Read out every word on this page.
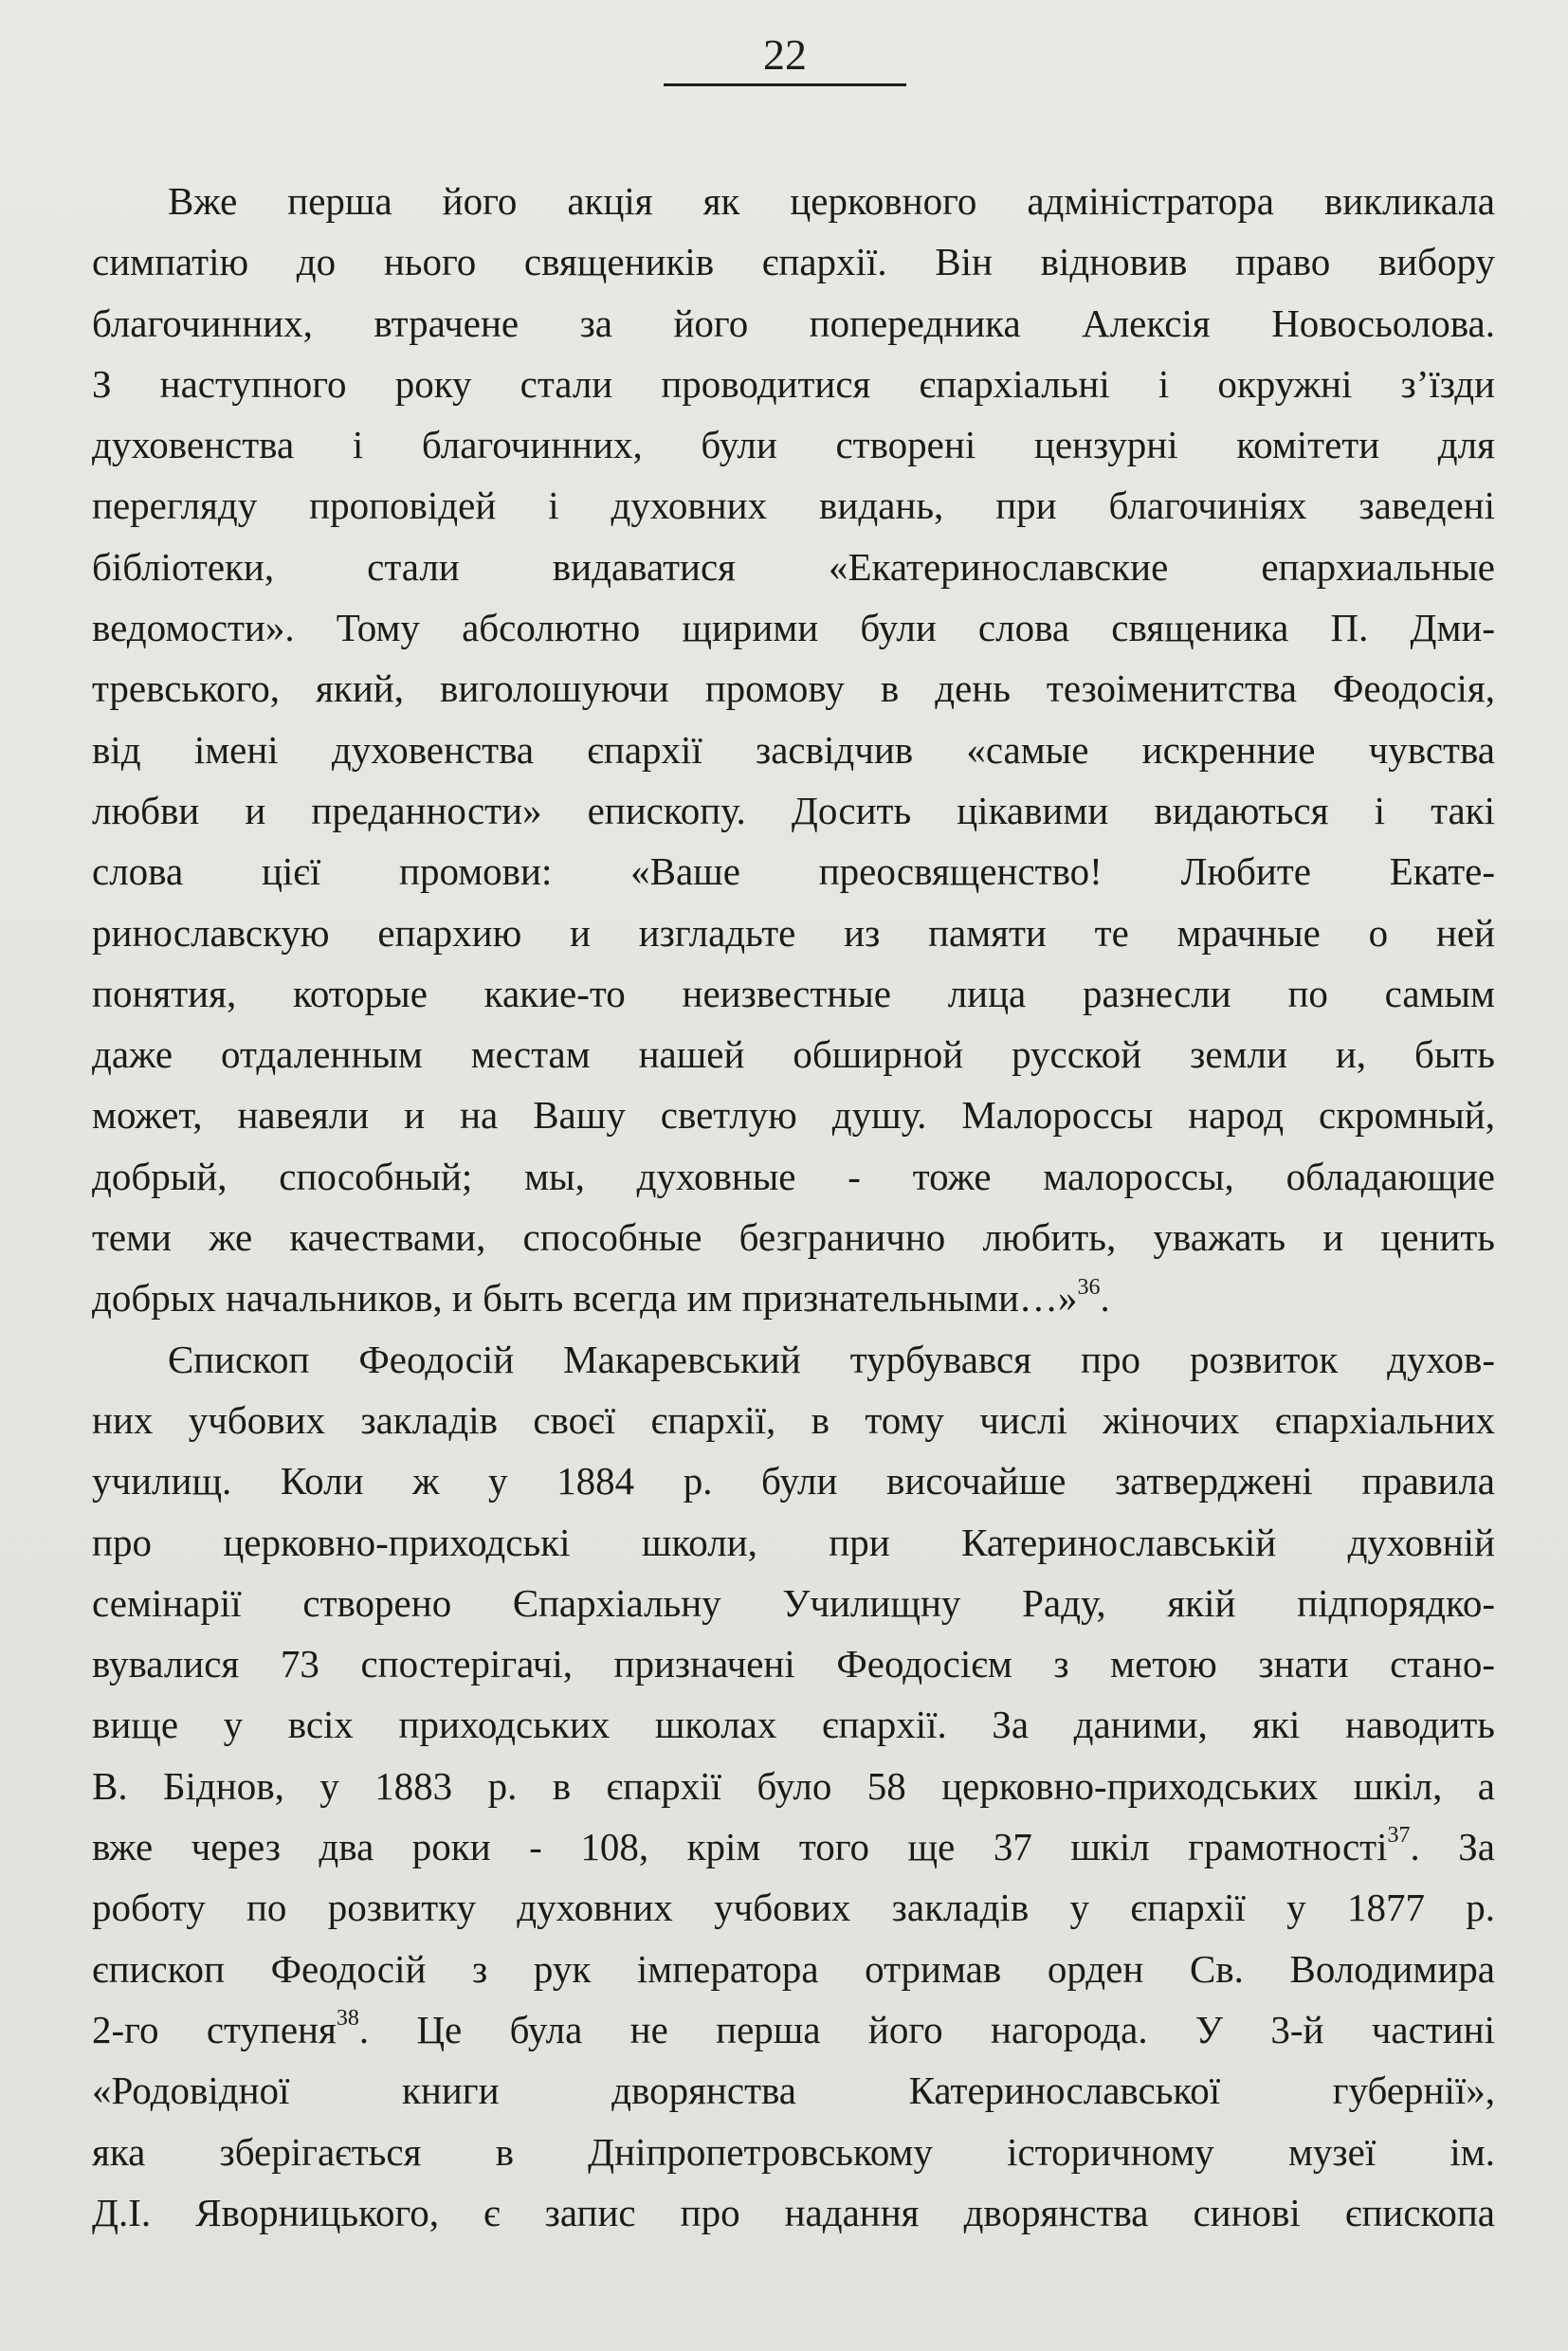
22
Вже перша його акція як церковного адміністратора викликала
симпатію до нього священиків єпархії. Він відновив право вибору
благочинних, втрачене за його попередника Алексія Новосьолова.
З наступного року стали проводитися єпархіальні і окружні з’їзди
духовенства і благочинних, були створені цензурні комітети для
перегляду проповідей і духовних видань, при благочиніях заведені
бібліотеки, стали видаватися «Екатеринославские епархиальные
ведомости». Тому абсолютно щирими були слова священика П. Дми-
тревського, який, виголошуючи промову в день тезоіменитства Феодосія,
від імені духовенства єпархії засвідчив «самые искренние чувства
любви и преданности» епископу. Досить цікавими видаються і такі
слова цієї промови: «Ваше преосвященство! Любите Екате-
ринославскую епархию и изгладьте из памяти те мрачные о ней
понятия, которые какие-то неизвестные лица разнесли по самым
даже отдаленным местам нашей обширной русской земли и, быть
может, навеяли и на Вашу светлую душу. Малороссы народ скромный,
добрый, способный; мы, духовные - тоже малороссы, обладающие
теми же качествами, способные безгранично любить, уважать и ценить
добрых начальников, и быть всегда им признательными…»$^{36}$.
Єпископ Феодосій Макаревський турбувався про розвиток духов-
них учбових закладів своєї єпархії, в тому числі жіночих єпархіальних
училищ. Коли ж у 1884 р. були височайше затверджені правила
про церковно-приходські школи, при Катеринославській духовній
семінарії створено Єпархіальну Училищну Раду, якій підпорядко-
вувалися 73 спостерігачі, призначені Феодосієм з метою знати стано-
вище у всіх приходських школах єпархії. За даними, які наводить
В. Біднов, у 1883 р. в єпархії було 58 церковно-приходських шкіл, а
вже через два роки - 108, крім того ще 37 шкіл грамотності$^{37}$. За
роботу по розвитку духовних учбових закладів у єпархії у 1877 р.
єпископ Феодосій з рук імператора отримав орден Св. Володимира
2-го ступеня$^{38}$. Це була не перша його нагорода. У 3-й частині
«Родовідної книги дворянства Катеринославської губернії»,
яка зберігається в Дніпропетровському історичному музеї ім.
Д.І. Яворницького, є запис про надання дворянства синові єпископа
